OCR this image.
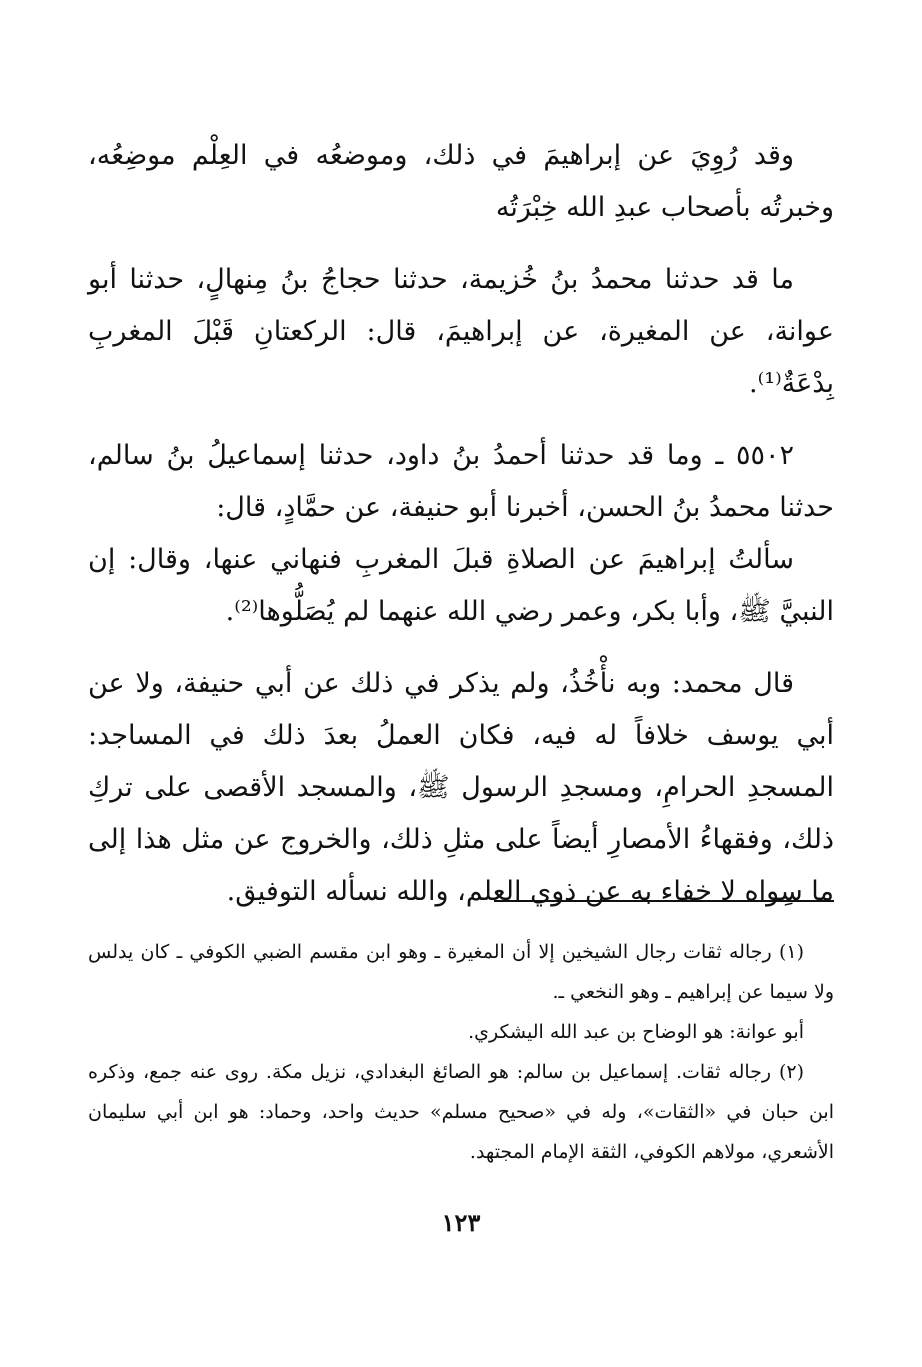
وقد رُوِيَ عن إبراهيمَ في ذلك، وموضعُه في العِلْم موضِعُه، وخبرتُه بأصحاب عبدِ الله خِبْرَتُه

ما قد حدثنا محمدُ بنُ خُزيمة، حدثنا حجاجُ بنُ مِنهالٍ، حدثنا أبو عوانة، عن المغيرة، عن إبراهيمَ، قال: الركعتانِ قَبْلَ المغربِ بِدْعَةٌ⁽¹⁾.

٥٥٠٢ ـ وما قد حدثنا أحمدُ بنُ داود، حدثنا إسماعيلُ بنُ سالم، حدثنا محمدُ بنُ الحسن، أخبرنا أبو حنيفة، عن حمَّادٍ، قال:

سألتُ إبراهيمَ عن الصلاةِ قبلَ المغربِ فنهاني عنها، وقال: إن النبيَّ ﷺ، وأبا بكر، وعمر رضي الله عنهما لم يُصَلُّوها⁽²⁾.

قال محمد: وبه نأْخُذُ، ولم يذكر في ذلك عن أبي حنيفة، ولا عن أبي يوسف خلافاً له فيه، فكان العملُ بعدَ ذلك في المساجد: المسجدِ الحرامِ، ومسجدِ الرسول ﷺ، والمسجد الأقصى على تركِ ذلك، وفقهاءُ الأمصارِ أيضاً على مثلِ ذلك، والخروج عن مثل هذا إلى ما سِواه لا خفاء به عن ذوي العلم، والله نسأله التوفيق.

(١) رجاله ثقات رجال الشيخين إلا أن المغيرة ـ وهو ابن مقسم الضبي الكوفي ـ كان يدلس ولا سيما عن إبراهيم ـ وهو النخعي ـ.

أبو عوانة: هو الوضاح بن عبد الله اليشكري.

(٢) رجاله ثقات. إسماعيل بن سالم: هو الصائغ البغدادي، نزيل مكة. روى عنه جمع، وذكره ابن حبان في «الثقات»، وله في «صحيح مسلم» حديث واحد، وحماد: هو ابن أبي سليمان الأشعري، مولاهم الكوفي، الثقة الإمام المجتهد.

١٢٣
